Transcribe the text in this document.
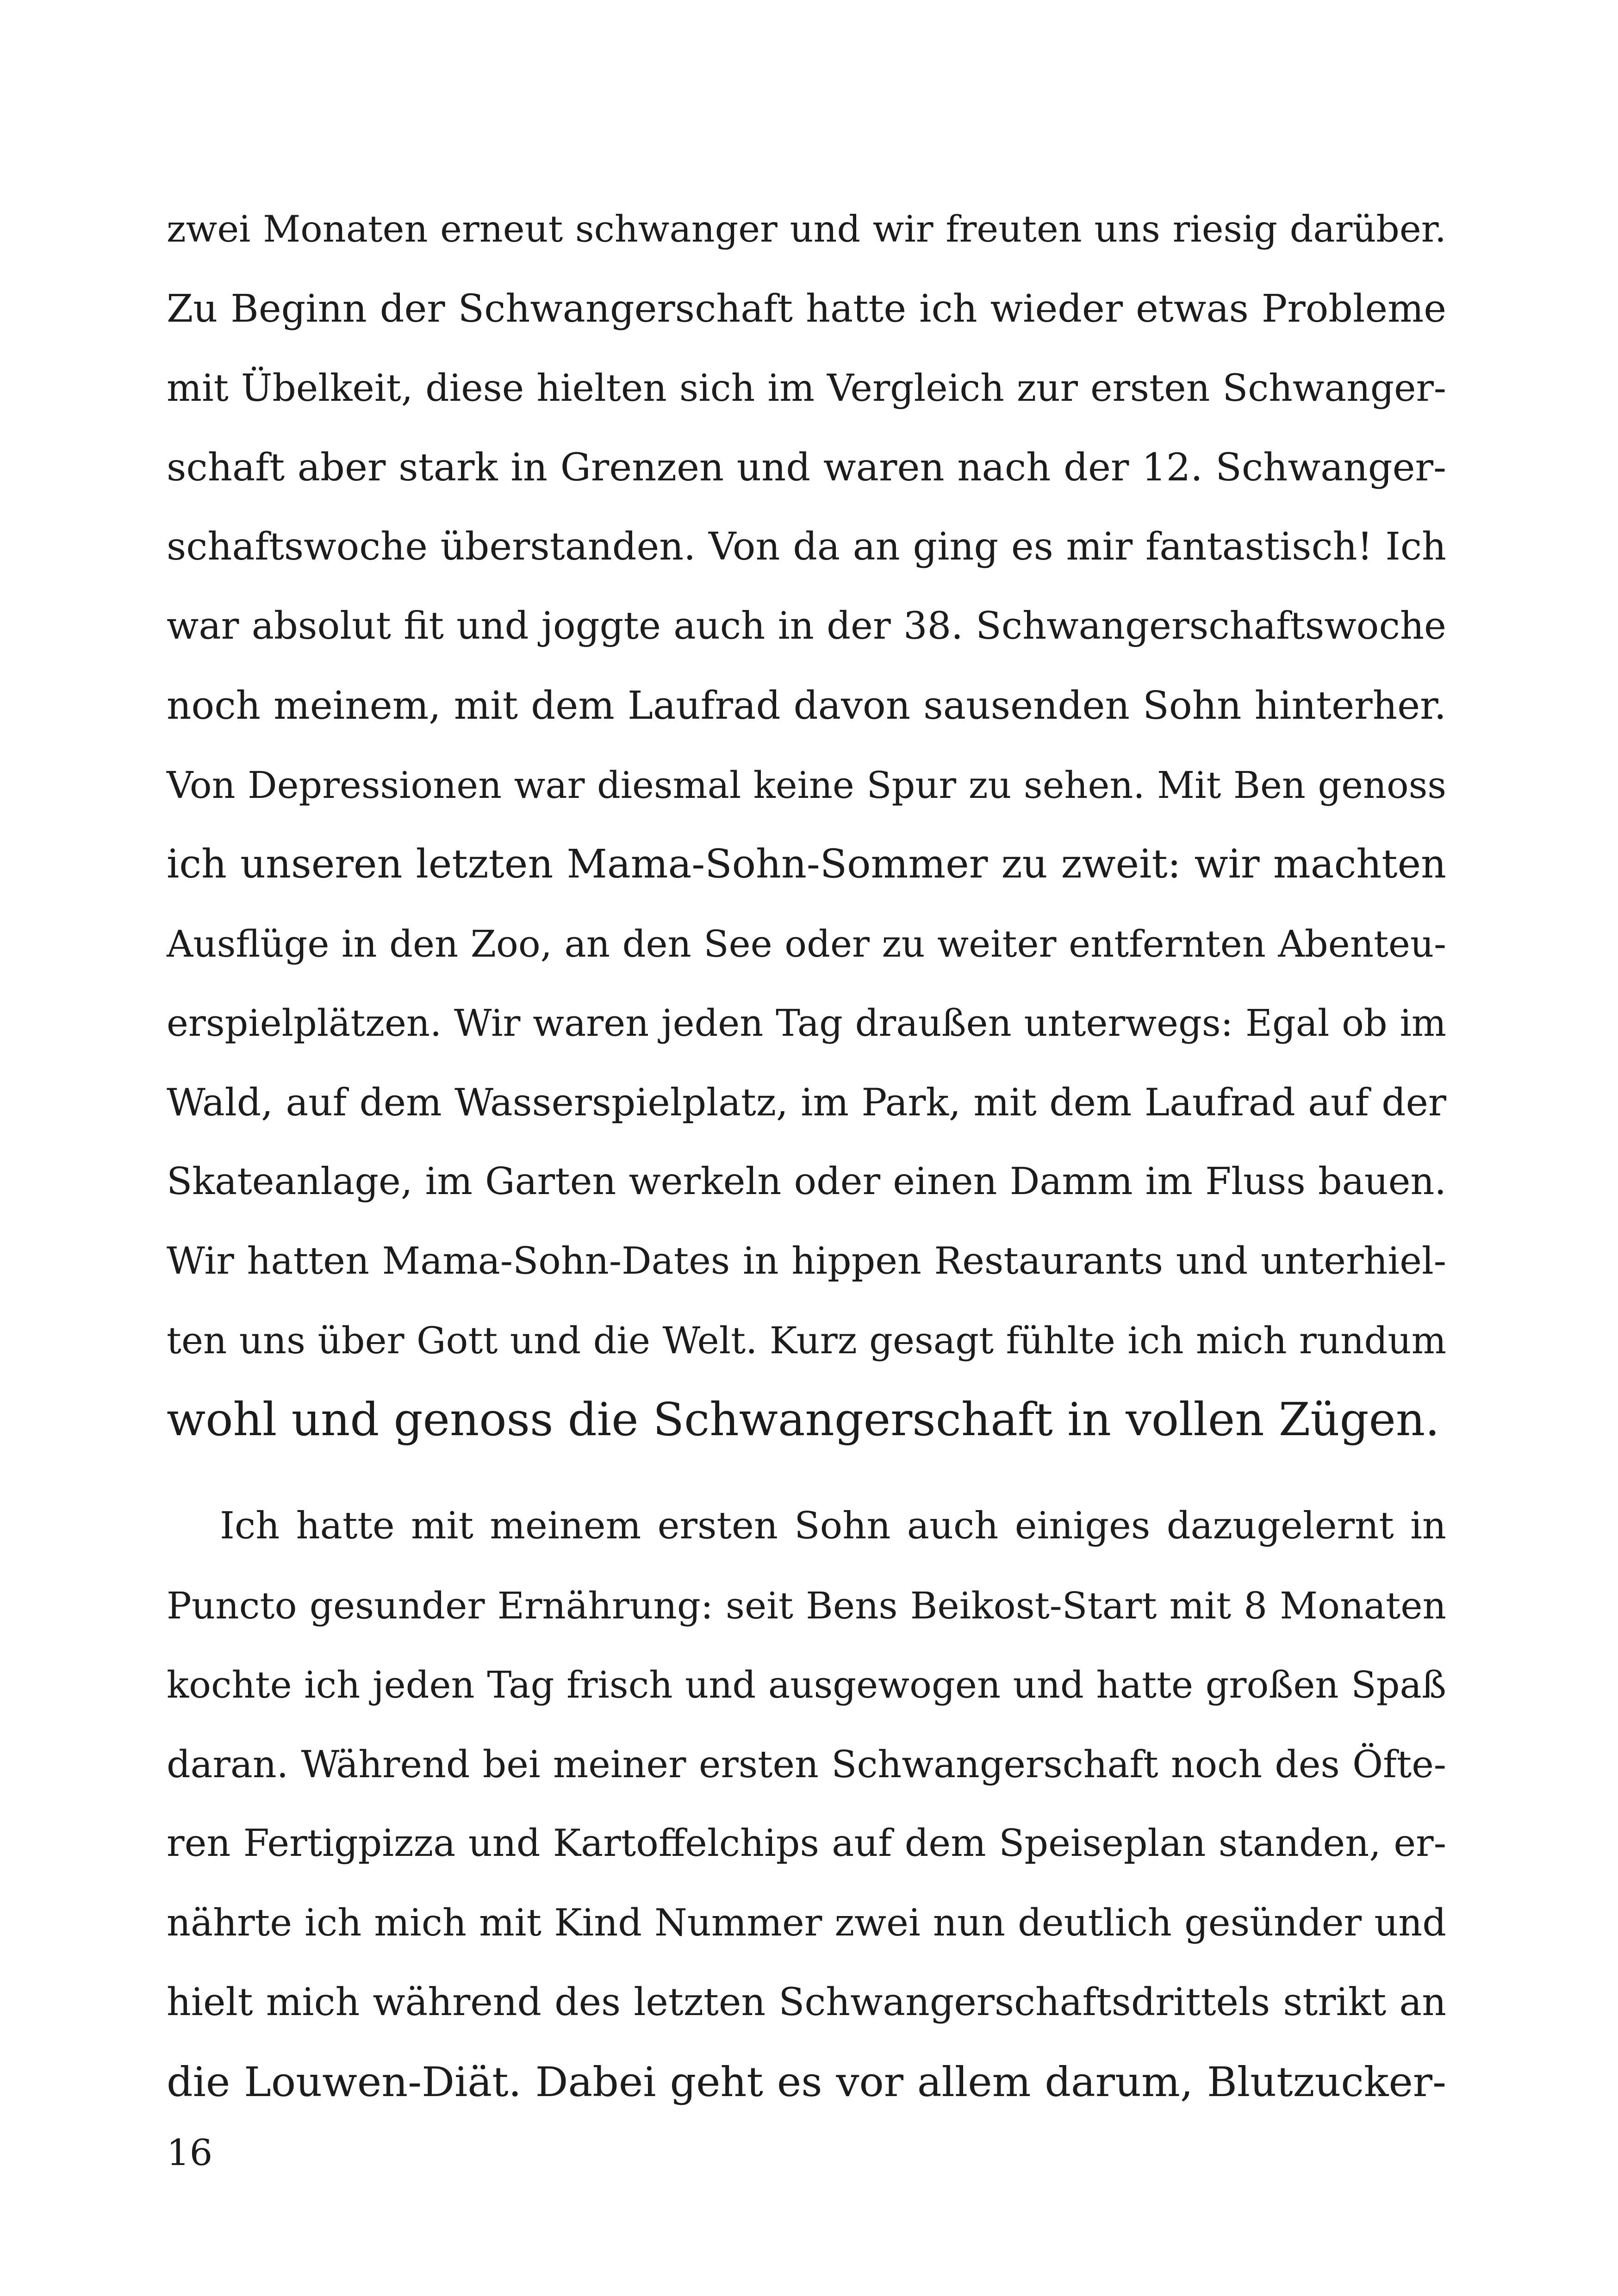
zwei Monaten erneut schwanger und wir freuten uns riesig darüber.
Zu Beginn der Schwangerschaft hatte ich wieder etwas Probleme
mit Übelkeit, diese hielten sich im Vergleich zur ersten Schwanger-
schaft aber stark in Grenzen und waren nach der 12. Schwanger-
schaftswoche überstanden. Von da an ging es mir fantastisch! Ich
war absolut fit und joggte auch in der 38. Schwangerschaftswoche
noch meinem, mit dem Laufrad davon sausenden Sohn hinterher.
Von Depressionen war diesmal keine Spur zu sehen. Mit Ben genoss
ich unseren letzten Mama-Sohn-Sommer zu zweit: wir machten
Ausflüge in den Zoo, an den See oder zu weiter entfernten Abenteu-
erspielplätzen. Wir waren jeden Tag draußen unterwegs: Egal ob im
Wald, auf dem Wasserspielplatz, im Park, mit dem Laufrad auf der
Skateanlage, im Garten werkeln oder einen Damm im Fluss bauen.
Wir hatten Mama-Sohn-Dates in hippen Restaurants und unterhiel-
ten uns über Gott und die Welt. Kurz gesagt fühlte ich mich rundum
wohl und genoss die Schwangerschaft in vollen Zügen.
Ich hatte mit meinem ersten Sohn auch einiges dazugelernt in
Puncto gesunder Ernährung: seit Bens Beikost-Start mit 8 Monaten
kochte ich jeden Tag frisch und ausgewogen und hatte großen Spaß
daran. Während bei meiner ersten Schwangerschaft noch des Öfte-
ren Fertigpizza und Kartoffelchips auf dem Speiseplan standen, er-
nährte ich mich mit Kind Nummer zwei nun deutlich gesünder und
hielt mich während des letzten Schwangerschaftsdrittels strikt an
die Louwen-Diät. Dabei geht es vor allem darum, Blutzucker-
16
